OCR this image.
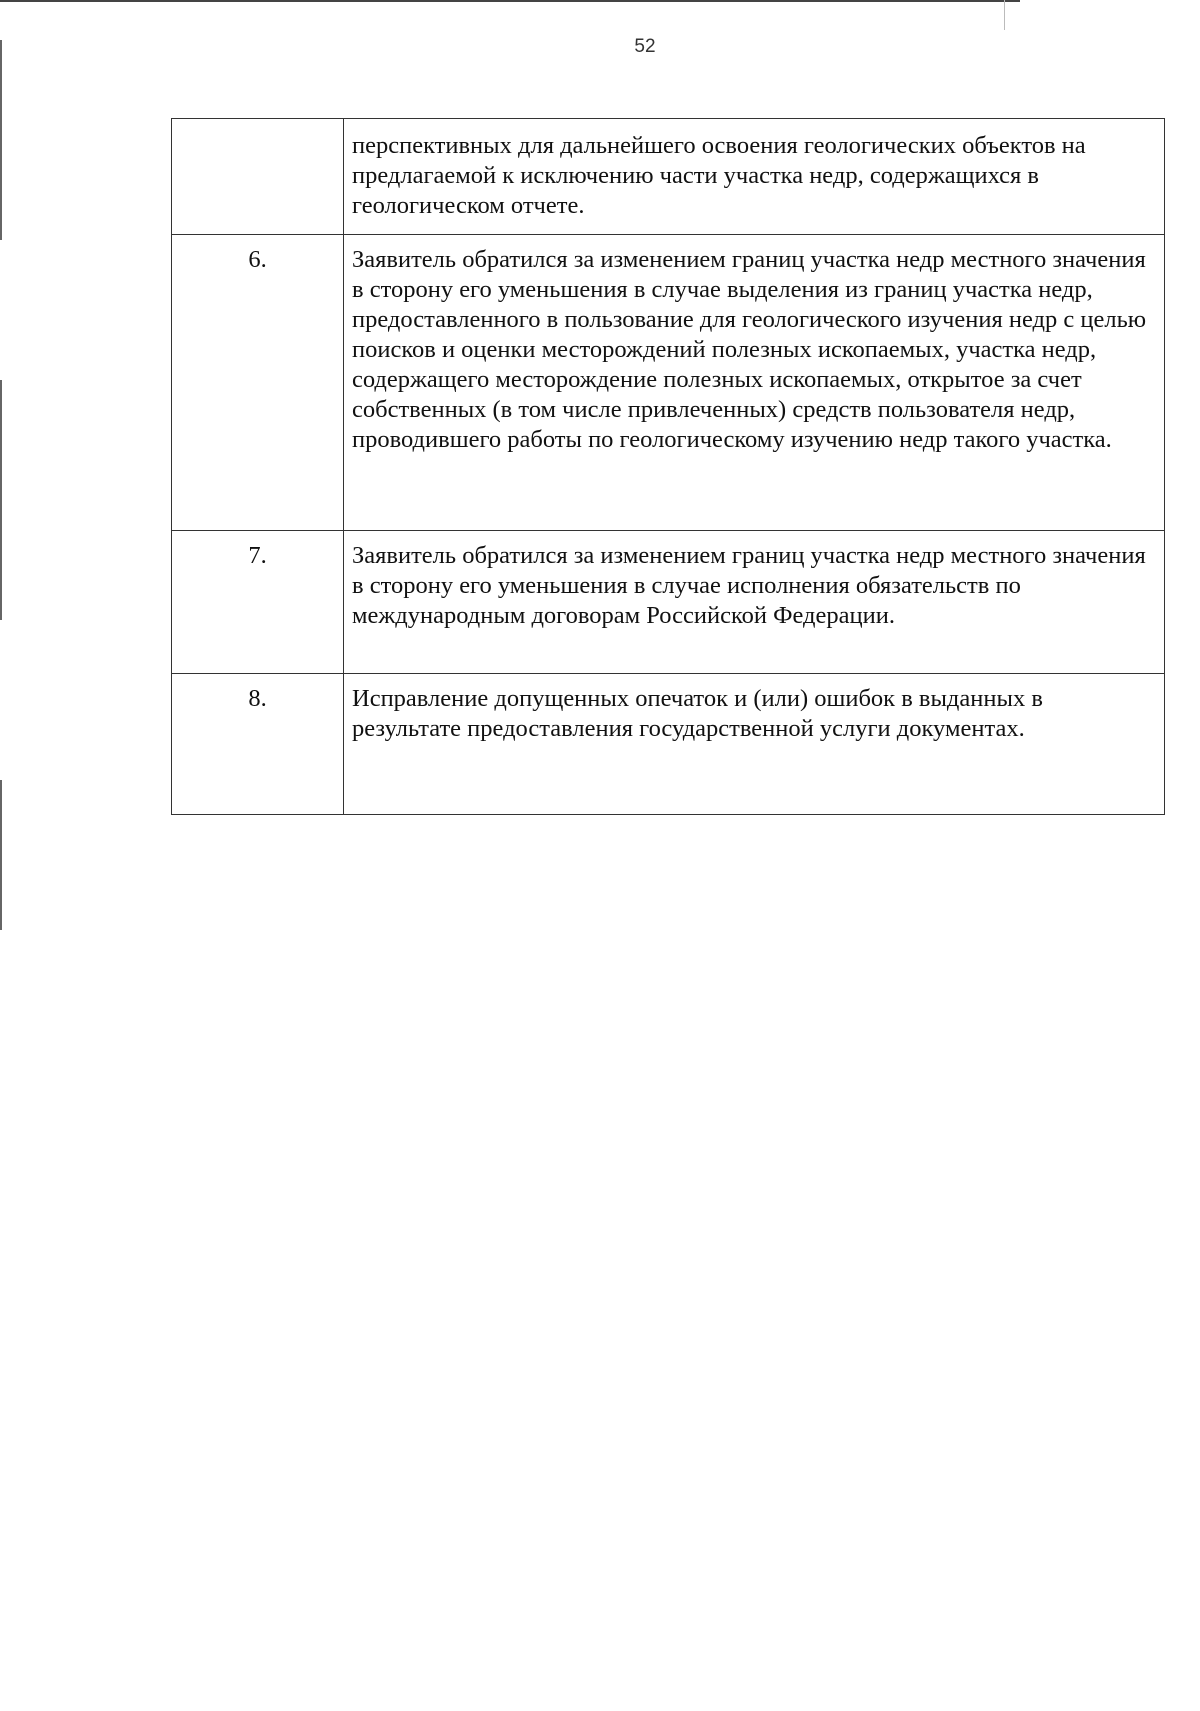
52
	перспективных для дальнейшего освоения геологических объектов на предлагаемой к исключению части участка недр, содержащихся в геологическом отчете.
6.	Заявитель обратился за изменением границ участка недр местного значения в сторону его уменьшения в случае выделения из границ участка недр, предоставленного в пользование для геологического изучения недр с целью поисков и оценки месторождений полезных ископаемых, участка недр, содержащего месторождение полезных ископаемых, открытое за счет собственных (в том числе привлеченных) средств пользователя недр, проводившего работы по геологическому изучению недр такого участка.
7.	Заявитель обратился за изменением границ участка недр местного значения в сторону его уменьшения в случае исполнения обязательств по международным договорам Российской Федерации.
8.	Исправление допущенных опечаток и (или) ошибок в выданных в результате предоставления государственной услуги документах.
